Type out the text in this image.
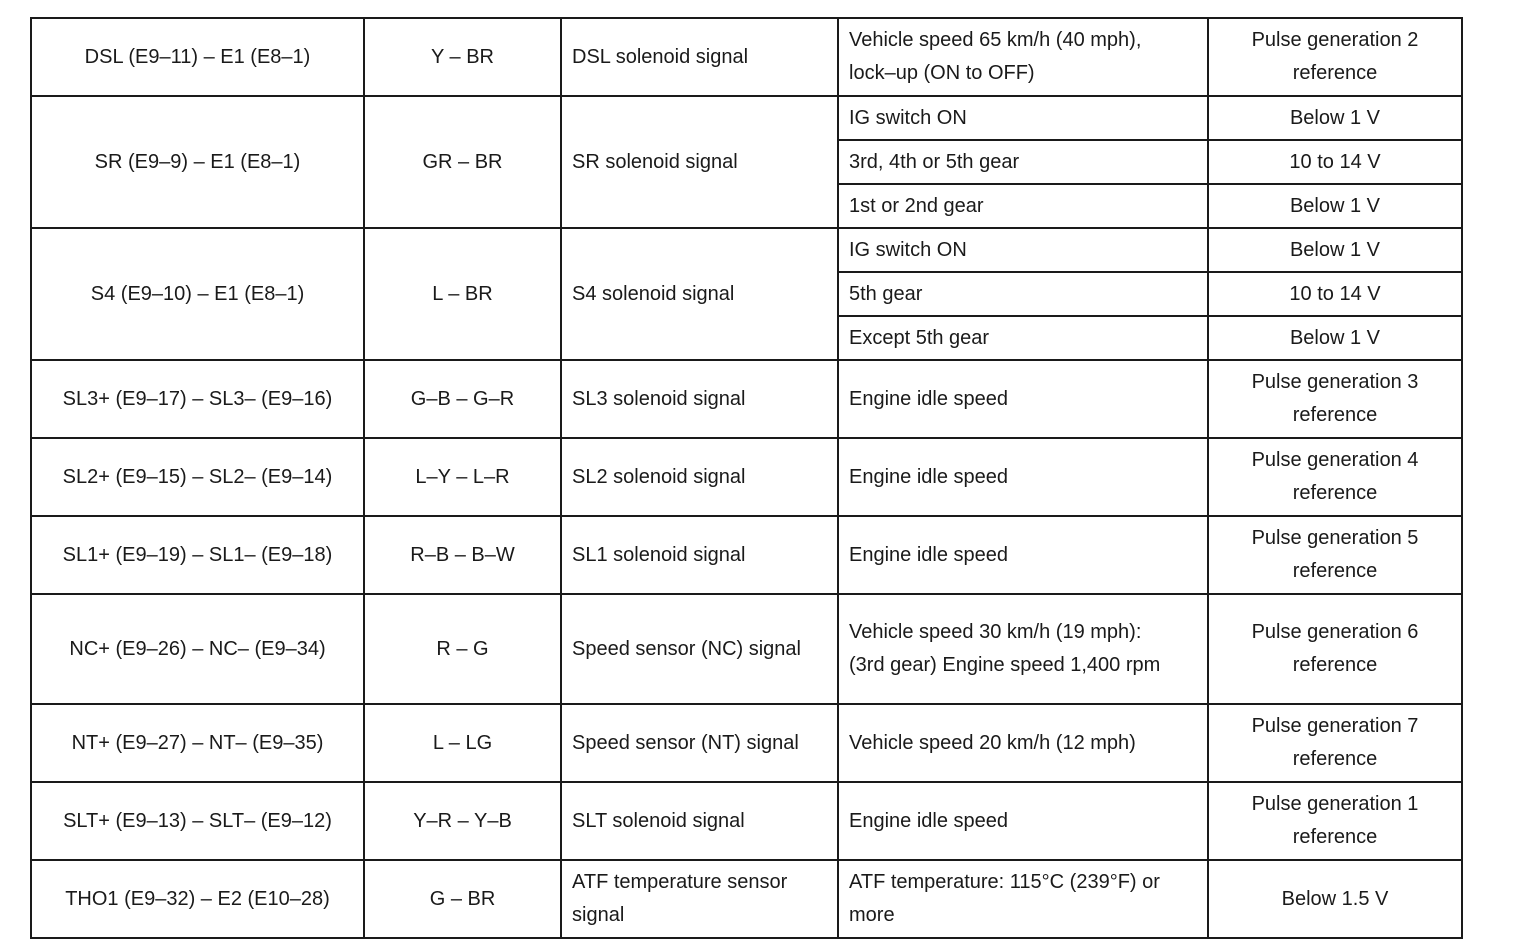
DSL (E9–11) – E1 (E8–1)	Y – BR	DSL solenoid signal	Vehicle speed 65 km/h (40 mph), lock–up (ON to OFF)	Pulse generation 2 reference
SR (E9–9) – E1 (E8–1)	GR – BR	SR solenoid signal	IG switch ON	Below 1 V
			3rd, 4th or 5th gear	10 to 14 V
			1st or 2nd gear	Below 1 V
S4 (E9–10) – E1 (E8–1)	L – BR	S4 solenoid signal	IG switch ON	Below 1 V
			5th gear	10 to 14 V
			Except 5th gear	Below 1 V
SL3+ (E9–17) – SL3– (E9–16)	G–B – G–R	SL3 solenoid signal	Engine idle speed	Pulse generation 3 reference
SL2+ (E9–15) – SL2– (E9–14)	L–Y – L–R	SL2 solenoid signal	Engine idle speed	Pulse generation 4 reference
SL1+ (E9–19) – SL1– (E9–18)	R–B – B–W	SL1 solenoid signal	Engine idle speed	Pulse generation 5 reference
NC+ (E9–26) – NC– (E9–34)	R – G	Speed sensor (NC) signal	Vehicle speed 30 km/h (19 mph): (3rd gear) Engine speed 1,400 rpm	Pulse generation 6 reference
NT+ (E9–27) – NT– (E9–35)	L – LG	Speed sensor (NT) signal	Vehicle speed 20 km/h (12 mph)	Pulse generation 7 reference
SLT+ (E9–13) – SLT– (E9–12)	Y–R – Y–B	SLT solenoid signal	Engine idle speed	Pulse generation 1 reference
THO1 (E9–32) – E2 (E10–28)	G – BR	ATF temperature sensor signal	ATF temperature: 115°C (239°F) or more	Below 1.5 V
